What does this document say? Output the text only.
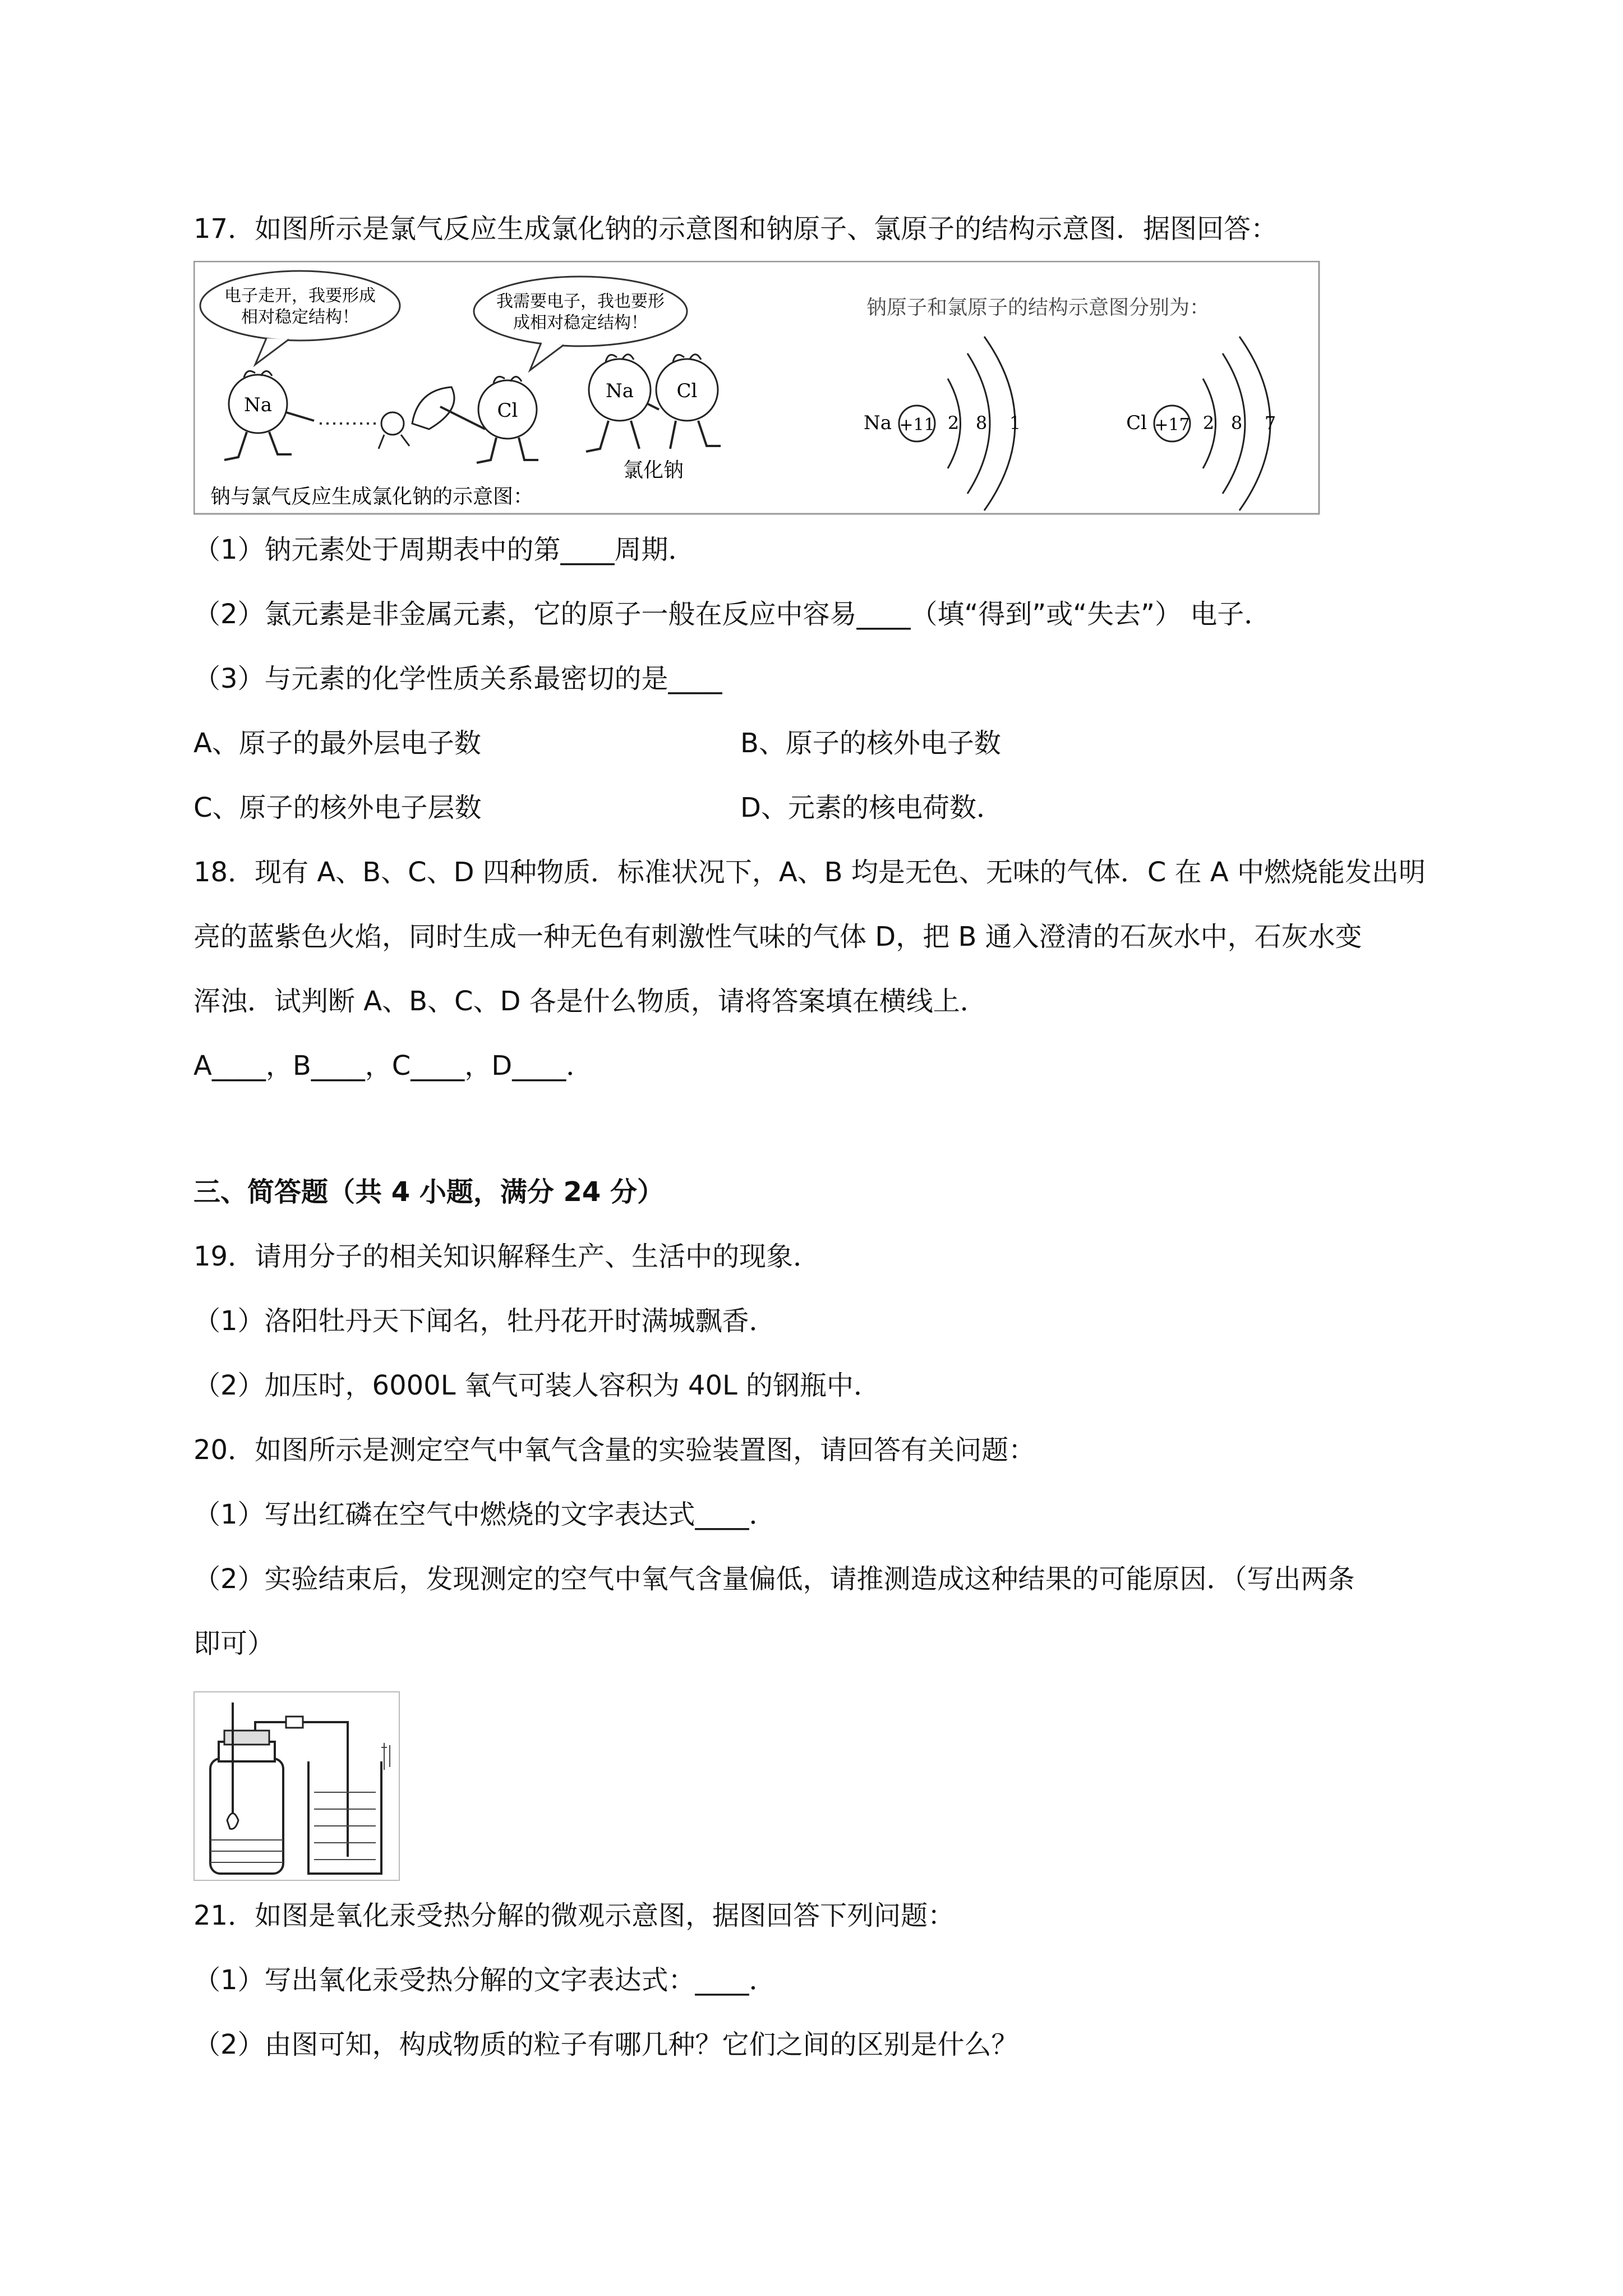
17．如图所示是氯气反应生成氯化钠的示意图和钠原子、氯原子的结构示意图．据图回答：
电子走开，我要形成
相对稳定结构！
我需要电子，我也要形
成相对稳定结构！
Na	Cl
Na Cl
氯化钠
钠与氯气反应生成氯化钠的示意图：
钠原子和氯原子的结构示意图分别为：
Na +11 2 8 1	Cl +17 2 8 7
（1）钠元素处于周期表中的第____周期．
（2）氯元素是非金属元素，它的原子一般在反应中容易____（填“得到”或“失去”） 电子．
（3）与元素的化学性质关系最密切的是____
A、原子的最外层电子数	B、原子的核外电子数
C、原子的核外电子层数	D、元素的核电荷数．
18．现有 A、B、C、D 四种物质．标准状况下，A、B 均是无色、无味的气体．C 在 A 中燃烧能发出明
亮的蓝紫色火焰，同时生成一种无色有刺激性气味的气体 D，把 B 通入澄清的石灰水中，石灰水变
浑浊．试判断 A、B、C、D 各是什么物质，请将答案填在横线上．
A____，B____，C____，D____．
三、简答题（共 4 小题，满分 24 分）
19．请用分子的相关知识解释生产、生活中的现象．
（1）洛阳牡丹天下闻名，牡丹花开时满城飘香．
（2）加压时，6000L 氧气可装人容积为 40L 的钢瓶中．
20．如图所示是测定空气中氧气含量的实验装置图，请回答有关问题：
（1）写出红磷在空气中燃烧的文字表达式____．
（2）实验结束后，发现测定的空气中氧气含量偏低，请推测造成这种结果的可能原因．（写出两条
即可）
21．如图是氧化汞受热分解的微观示意图，据图回答下列问题：
（1）写出氧化汞受热分解的文字表达式：____．
（2）由图可知，构成物质的粒子有哪几种？它们之间的区别是什么？
